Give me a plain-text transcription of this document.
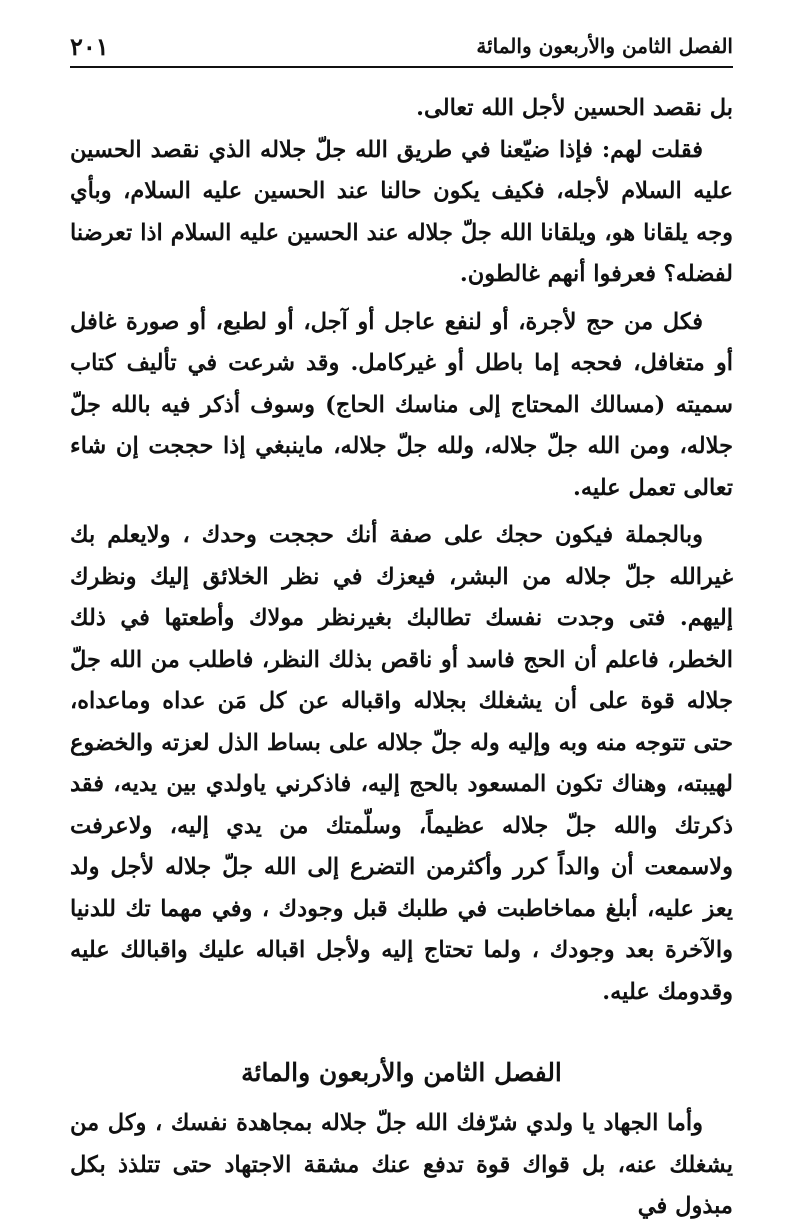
الفصل الثامن والأربعون والمائة
٢٠١

بل نقصد الحسين لأجل الله تعالى.

فقلت لهم: فإذا ضيّعنا في طريق الله جلّ جلاله الذي نقصد الحسين عليه السلام لأجله، فكيف يكون حالنا عند الحسين عليه السلام، وبأي وجه يلقانا هو، ويلقانا الله جلّ جلاله عند الحسين عليه السلام اذا تعرضنا لفضله؟ فعرفوا أنهم غالطون.

فكل من حج لأجرة، أو لنفع عاجل أو آجل، أو لطبع، أو صورة غافل أو متغافل، فحجه إما باطل أو غيركامل. وقد شرعت في تأليف كتاب سميته (مسالك المحتاج إلى مناسك الحاج) وسوف أذكر فيه بالله جلّ جلاله، ومن الله جلّ جلاله، ولله جلّ جلاله، ماينبغي إذا حججت إن شاء تعالى تعمل عليه.

وبالجملة فيكون حجك على صفة أنك حججت وحدك ، ولايعلم بك غيرالله جلّ جلاله من البشر، فيعزك في نظر الخلائق إليك ونظرك إليهم. فتى وجدت نفسك تطالبك بغيرنظر مولاك وأطعتها في ذلك الخطر، فاعلم أن الحج فاسد أو ناقص بذلك النظر، فاطلب من الله جلّ جلاله قوة على أن يشغلك بجلاله واقباله عن كل مَن عداه وماعداه، حتى تتوجه منه وبه وإليه وله جلّ جلاله على بساط الذل لعزته والخضوع لهيبته، وهناك تكون المسعود بالحج إليه، فاذكرني ياولدي بين يديه، فقد ذكرتك والله جلّ جلاله عظيماً، وسلّمتك من يدي إليه، ولاعرفت ولاسمعت أن والداً كرر وأكثرمن التضرع إلى الله جلّ جلاله لأجل ولد يعز عليه، أبلغ مماخاطبت في طلبك قبل وجودك ، وفي مهما تك للدنيا والآخرة بعد وجودك ، ولما تحتاج إليه ولأجل اقباله عليك واقبالك عليه وقدومك عليه.

الفصل الثامن والأربعون والمائة

وأما الجهاد يا ولدي شرّفك الله جلّ جلاله بمجاهدة نفسك ، وكل من يشغلك عنه، بل قواك قوة تدفع عنك مشقة الاجتهاد حتى تتلذذ بكل مبذول في
